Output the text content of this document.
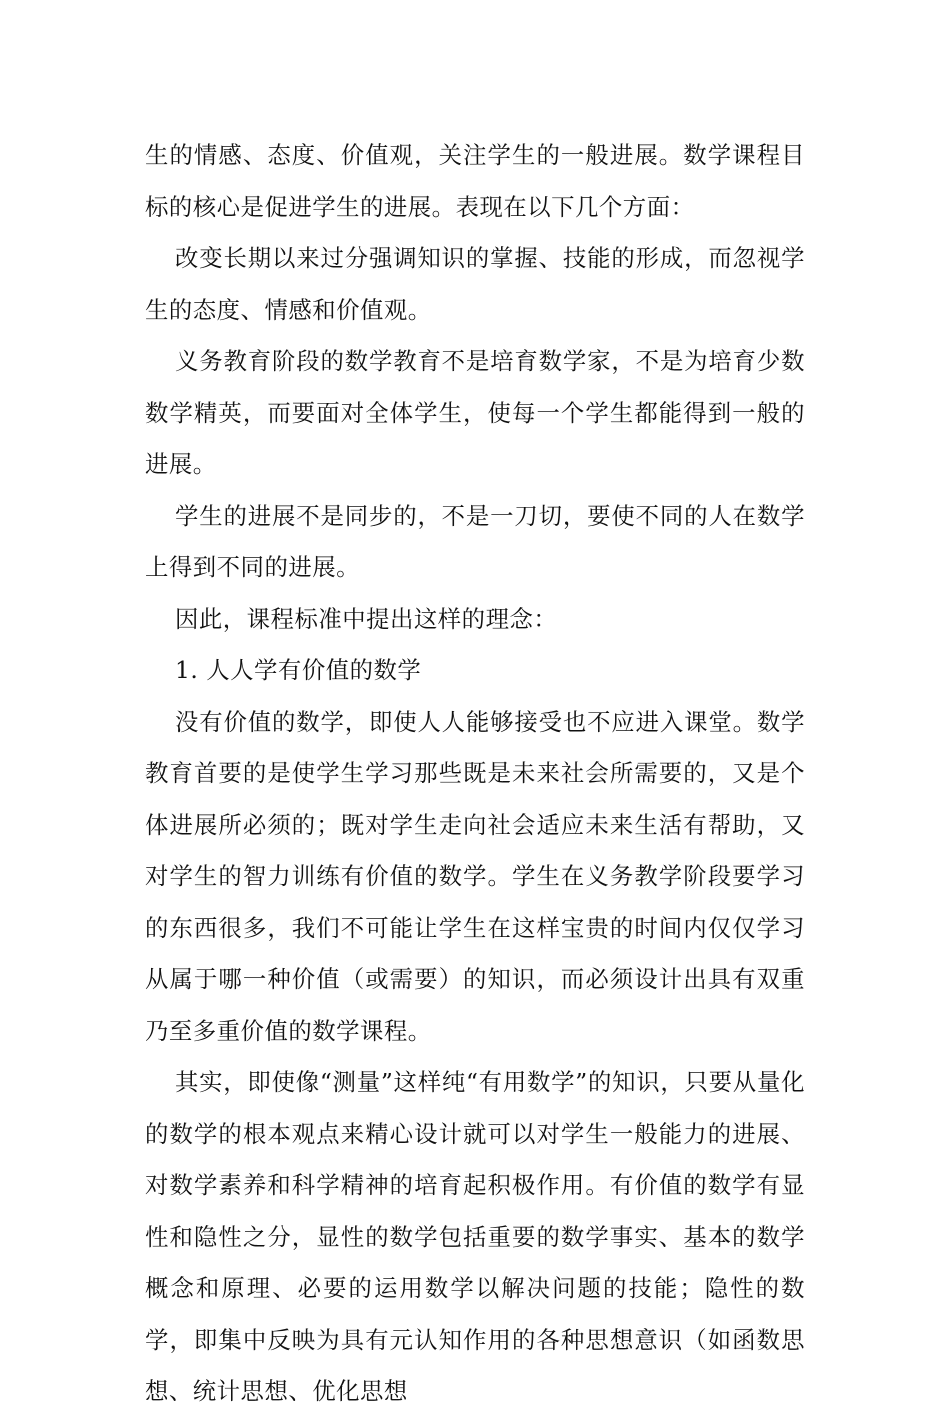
生的情感、态度、价值观，关注学生的一般进展。数学课程目标的核心是促进学生的进展。表现在以下几个方面：

改变长期以来过分强调知识的掌握、技能的形成，而忽视学生的态度、情感和价值观。

义务教育阶段的数学教育不是培育数学家，不是为培育少数数学精英，而要面对全体学生，使每一个学生都能得到一般的进展。

学生的进展不是同步的，不是一刀切，要使不同的人在数学上得到不同的进展。

因此，课程标准中提出这样的理念：

1. 人人学有价值的数学

没有价值的数学，即使人人能够接受也不应进入课堂。数学教育首要的是使学生学习那些既是未来社会所需要的，又是个体进展所必须的；既对学生走向社会适应未来生活有帮助，又对学生的智力训练有价值的数学。学生在义务教学阶段要学习的东西很多，我们不可能让学生在这样宝贵的时间内仅仅学习从属于哪一种价值（或需要）的知识，而必须设计出具有双重乃至多重价值的数学课程。

其实，即使像“测量”这样纯“有用数学”的知识，只要从量化的数学的根本观点来精心设计就可以对学生一般能力的进展、对数学素养和科学精神的培育起积极作用。有价值的数学有显性和隐性之分，显性的数学包括重要的数学事实、基本的数学概念和原理、必要的运用数学以解决问题的技能；隐性的数学，即集中反映为具有元认知作用的各种思想意识（如函数思想、统计思想、优化思想
